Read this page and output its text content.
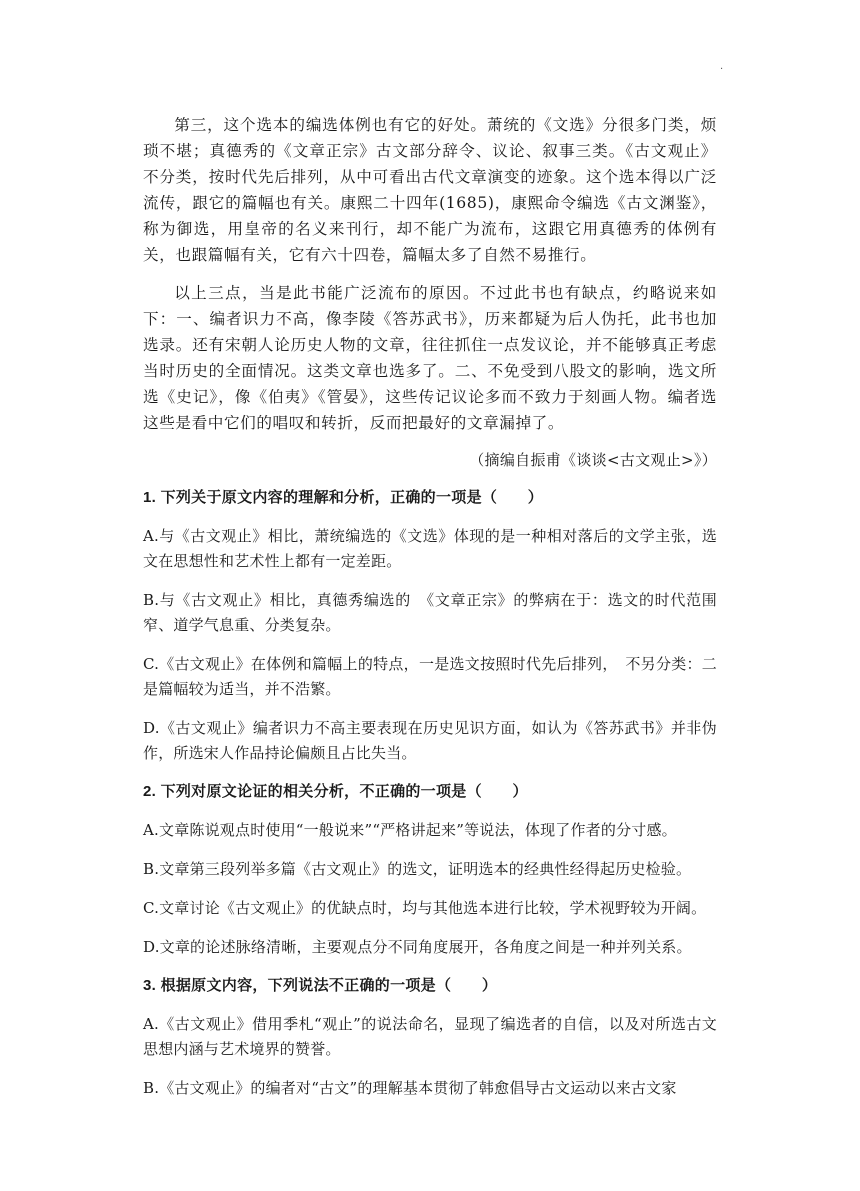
·

第三，这个选本的编选体例也有它的好处。萧统的《文选》分很多门类，烦琐不堪；真德秀的《文章正宗》古文部分辞令、议论、叙事三类。《古文观止》不分类，按时代先后排列，从中可看出古代文章演变的迹象。这个选本得以广泛流传，跟它的篇幅也有关。康熙二十四年(1685)，康熙命令编选《古文渊鉴》，称为御选，用皇帝的名义来刊行，却不能广为流布，这跟它用真德秀的体例有关，也跟篇幅有关，它有六十四卷，篇幅太多了自然不易推行。

以上三点，当是此书能广泛流布的原因。不过此书也有缺点，约略说来如下：一、编者识力不高，像李陵《答苏武书》，历来都疑为后人伪托，此书也加选录。还有宋朝人论历史人物的文章，往往抓住一点发议论，并不能够真正考虑当时历史的全面情况。这类文章也选多了。二、不免受到八股文的影响，选文所选《史记》，像《伯夷》《管晏》，这些传记议论多而不致力于刻画人物。编者选这些是看中它们的唱叹和转折，反而把最好的文章漏掉了。

（摘编自振甫《谈谈<古文观止>》）
1. 下列关于原文内容的理解和分析，正确的一项是（　　）
A.与《古文观止》相比，萧统编选的《文选》体现的是一种相对落后的文学主张，选文在思想性和艺术性上都有一定差距。
B.与《古文观止》相比，真德秀编选的　《文章正宗》的弊病在于：选文的时代范围窄、道学气息重、分类复杂。
C.《古文观止》在体例和篇幅上的特点，一是选文按照时代先后排列，　不另分类：二是篇幅较为适当，并不浩繁。
D.《古文观止》编者识力不高主要表现在历史见识方面，如认为《答苏武书》并非伪作，所选宋人作品持论偏颇且占比失当。
2. 下列对原文论证的相关分析，不正确的一项是（　　）
A.文章陈说观点时使用“一般说来”“严格讲起来”等说法，体现了作者的分寸感。
B.文章第三段列举多篇《古文观止》的选文，证明选本的经典性经得起历史检验。
C.文章讨论《古文观止》的优缺点时，均与其他选本进行比较，学术视野较为开阔。
D.文章的论述脉络清晰，主要观点分不同角度展开，各角度之间是一种并列关系。
3. 根据原文内容，下列说法不正确的一项是（　　）
A.《古文观止》借用季札“观止”的说法命名，显现了编选者的自信，以及对所选古文思想内涵与艺术境界的赞誉。
B.《古文观止》的编者对“古文”的理解基本贯彻了韩愈倡导古文运动以来古文家
